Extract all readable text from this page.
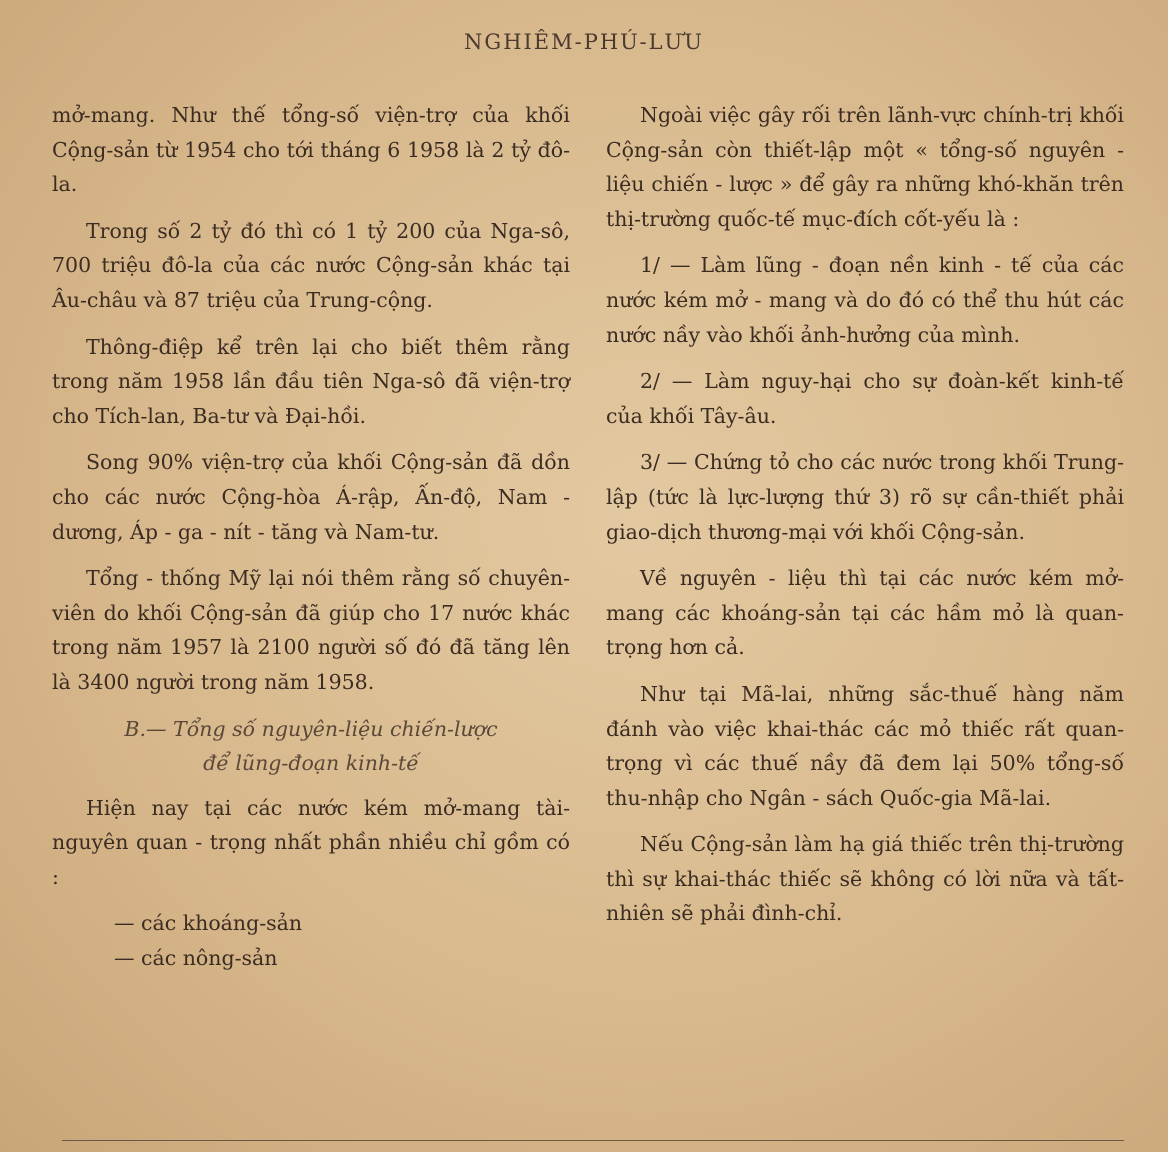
NGHIÊM-PHÚ-LƯU

mở-mang. Như thế tổng-số viện-trợ của khối Cộng-sản từ 1954 cho tới tháng 6 1958 là 2 tỷ đô-la.

Trong số 2 tỷ đó thì có 1 tỷ 200 của Nga-sô, 700 triệu đô-la của các nước Cộng-sản khác tại Âu-châu và 87 triệu của Trung-cộng.

Thông-điệp kể trên lại cho biết thêm rằng trong năm 1958 lần đầu tiên Nga-sô đã viện-trợ cho Tích-lan, Ba-tư và Đại-hồi.

Song 90% viện-trợ của khối Cộng-sản đã dồn cho các nước Cộng-hòa Á-rập, Ấn-độ, Nam - dương, Áp - ga - nít - tăng và Nam-tư.

Tổng - thống Mỹ lại nói thêm rằng số chuyên-viên do khối Cộng-sản đã giúp cho 17 nước khác trong năm 1957 là 2100 người số đó đã tăng lên là 3400 người trong năm 1958.

B.— Tổng số nguyên-liệu chiến-lược
để lũng-đoạn kinh-tế

Hiện nay tại các nước kém mở-mang tài-nguyên quan - trọng nhất phần nhiều chỉ gồm có :

— các khoáng-sản

— các nông-sản

Ngoài việc gây rối trên lãnh-vực chính-trị khối Cộng-sản còn thiết-lập một « tổng-số nguyên - liệu chiến - lược » để gây ra những khó-khăn trên thị-trường quốc-tế mục-đích cốt-yếu là :

1/ — Làm lũng - đoạn nền kinh - tế của các nước kém mở - mang và do đó có thể thu hút các nước nầy vào khối ảnh-hưởng của mình.

2/ — Làm nguy-hại cho sự đoàn-kết kinh-tế của khối Tây-âu.

3/ — Chứng tỏ cho các nước trong khối Trung-lập (tức là lực-lượng thứ 3) rõ sự cần-thiết phải giao-dịch thương-mại với khối Cộng-sản.

Về nguyên - liệu thì tại các nước kém mở-mang các khoáng-sản tại các hầm mỏ là quan-trọng hơn cả.

Như tại Mã-lai, những sắc-thuế hàng năm đánh vào việc khai-thác các mỏ thiếc rất quan-trọng vì các thuế nầy đã đem lại 50% tổng-số thu-nhập cho Ngân - sách Quốc-gia Mã-lai.

Nếu Cộng-sản làm hạ giá thiếc trên thị-trường thì sự khai-thác thiếc sẽ không có lời nữa và tất-nhiên sẽ phải đình-chỉ.
